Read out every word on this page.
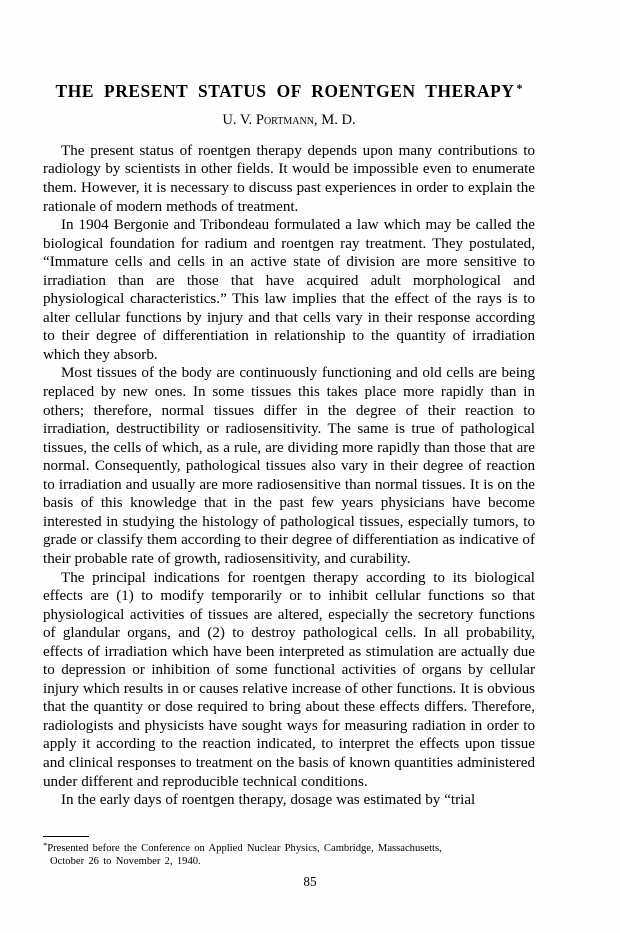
THE PRESENT STATUS OF ROENTGEN THERAPY *

U. V. Portmann, M. D.

The present status of roentgen therapy depends upon many contributions to radiology by scientists in other fields. It would be impossible even to enumerate them. However, it is necessary to discuss past experiences in order to explain the rationale of modern methods of treatment.

In 1904 Bergonie and Tribondeau formulated a law which may be called the biological foundation for radium and roentgen ray treatment. They postulated, “Immature cells and cells in an active state of division are more sensitive to irradiation than are those that have acquired adult morphological and physiological characteristics.” This law implies that the effect of the rays is to alter cellular functions by injury and that cells vary in their response according to their degree of differentiation in relationship to the quantity of irradiation which they absorb.

Most tissues of the body are continuously functioning and old cells are being replaced by new ones. In some tissues this takes place more rapidly than in others; therefore, normal tissues differ in the degree of their reaction to irradiation, destructibility or radiosensitivity. The same is true of pathological tissues, the cells of which, as a rule, are dividing more rapidly than those that are normal. Consequently, pathological tissues also vary in their degree of reaction to irradiation and usually are more radiosensitive than normal tissues. It is on the basis of this knowledge that in the past few years physicians have become interested in studying the histology of pathological tissues, especially tumors, to grade or classify them according to their degree of differentiation as indicative of their probable rate of growth, radiosensitivity, and curability.

The principal indications for roentgen therapy according to its biological effects are (1) to modify temporarily or to inhibit cellular functions so that physiological activities of tissues are altered, especially the secretory functions of glandular organs, and (2) to destroy pathological cells. In all probability, effects of irradiation which have been interpreted as stimulation are actually due to depression or inhibition of some functional activities of organs by cellular injury which results in or causes relative increase of other functions. It is obvious that the quantity or dose required to bring about these effects differs. Therefore, radiologists and physicists have sought ways for measuring radiation in order to apply it according to the reaction indicated, to interpret the effects upon tissue and clinical responses to treatment on the basis of known quantities administered under different and reproducible technical conditions.

In the early days of roentgen therapy, dosage was estimated by “trial

*Presented before the Conference on Applied Nuclear Physics, Cambridge, Massachusetts,

October 26 to November 2, 1940.

85
